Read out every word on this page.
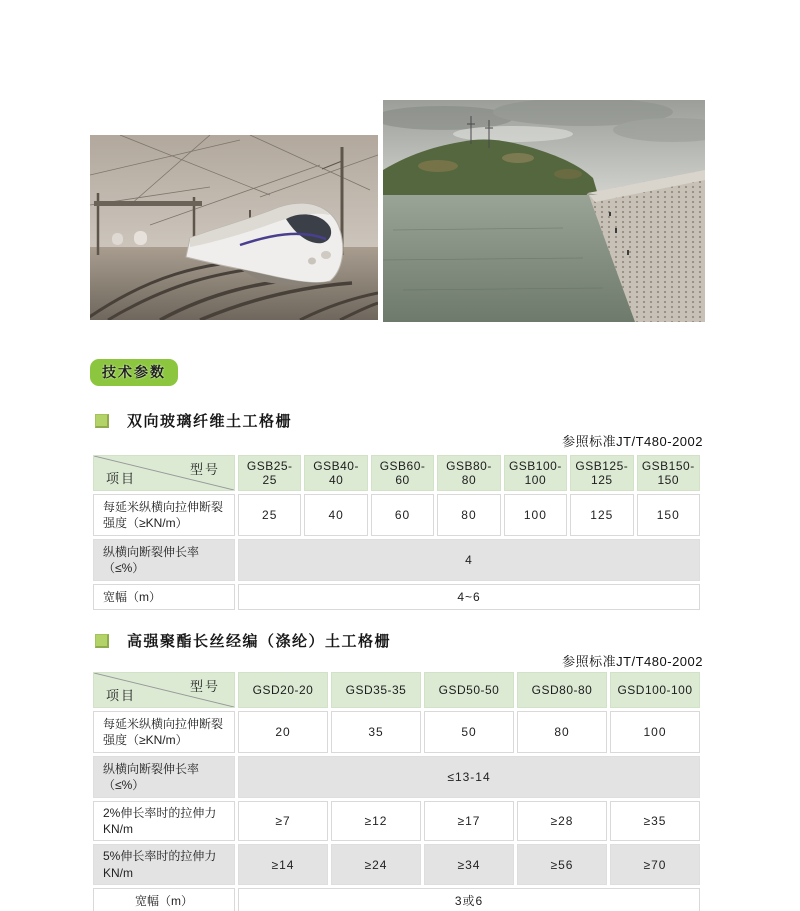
技术参数
双向玻璃纤维土工格栅
参照标准JT/T480-2002
型号
项目	GSB25-25	GSB40-40	GSB60-60	GSB80-80	GSB100-100	GSB125-125	GSB150-150
每延米纵横向拉伸断裂
强度（≥KN/m）	25	40	60	80	100	125	150
纵横向断裂伸长率
（≤%）	4						
宽幅（m）	4~6						
高强聚酯长丝经编（涤纶）土工格栅
参照标准JT/T480-2002
型号
项目	GSD20-20	GSD35-35	GSD50-50	GSD80-80	GSD100-100
每延米纵横向拉伸断裂
强度（≥KN/m）	20	35	50	80	100
纵横向断裂伸长率
（≤%）	≤13-14				
2%伸长率时的拉伸力KN/m	≥7	≥12	≥17	≥28	≥35
5%伸长率时的拉伸力KN/m	≥14	≥24	≥34	≥56	≥70
宽幅（m）	3或6				
